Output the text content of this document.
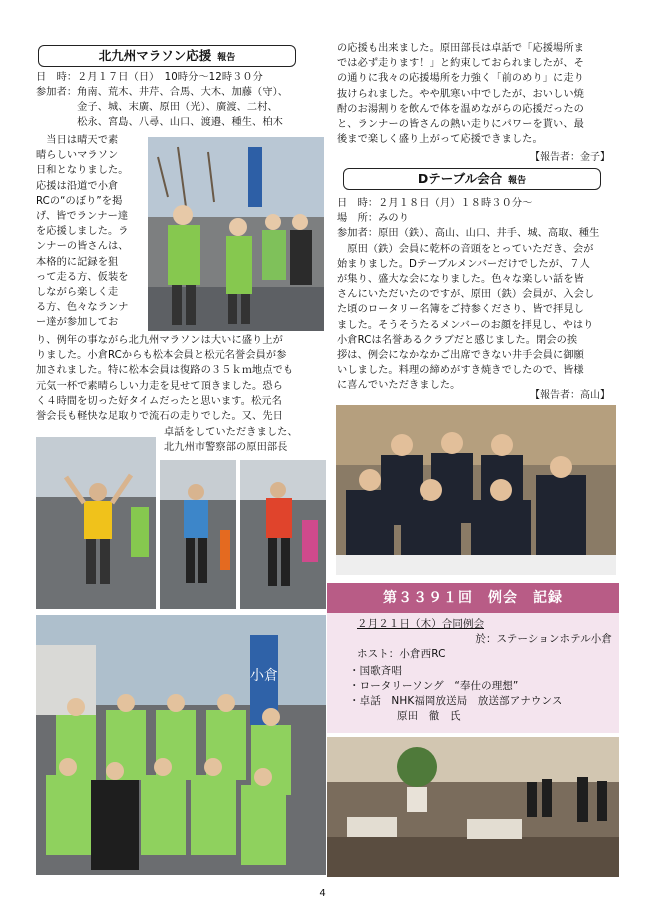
北九州マラソン応援 報告
日　時：２月１７日（日）　10時分〜12時３０分
参加者：角南、荒木、井芹、合馬、大木、加藤（守）、
　　　　金子、城、末廣、原田（光）、廣渡、二村、
　　　　松永、宮島、八尋、山口、渡邉、種生、柏木
　当日は晴天で素
晴らしいマラソン
日和となりました。
応援は沿道で小倉
RCの“のぼり”を掲
げ、皆でランナー達
を応援しました。ラ
ンナーの皆さんは、
本格的に記録を狙
って走る方、仮装を
しながら楽しく走
る方、色々なランナ
ー達が参加してお
り、例年の事ながら北九州マラソンは大いに盛り上が
りました。小倉RCからも松本会員と松元名誉会員が参
加されました。特に松本会員は復路の３５ｋｍ地点でも
元気一杯で素晴らしい力走を見せて頂きました。恐ら
く４時間を切った好タイムだったと思います。松元名
誉会長も軽快な足取りで流石の走りでした。又、先日
卓話をしていただきました、
北九州市警察部の原田部長
小倉
の応援も出来ました。原田部長は卓話で「応援場所ま
では必ず走ります！」と約束しておられましたが、そ
の通りに我々の応援場所を力強く「前のめり」に走り
抜けられました。やや肌寒い中でしたが、おいしい焼
酎のお湯割りを飲んで体を温めながらの応援だったの
と、ランナーの皆さんの熱い走りにパワーを貰い、最
後まで楽しく盛り上がって応援できました。
【報告者：金子】
Dテーブル会合 報告
日　時：２月１８日（月）１８時３０分〜
場　所：みのり
参加者：原田（鉄）、高山、山口、井手、城、高取、種生
　原田（鉄）会員に乾杯の音頭をとっていただき、会が
始まりました。Dテーブルメンバーだけでしたが、７人
が集り、盛大な会になりました。色々な楽しい話を皆
さんにいただいたのですが、原田（鉄）会員が、入会し
た頃のロータリー名簿をご持参くださり、皆で拝見し
ました。そうそうたるメンバーのお顔を拝見し、やはり
小倉RCは名誉あるクラブだと感じました。閉会の挨
拶は、例会になかなかご出席できない井手会員に御願
いしました。料理の締めがすき焼きでしたので、皆様
に喜んでいただきました。
【報告者：高山】
第３３９１回　例会　記録
２月２１日（木）合同例会
於：ステーションホテル小倉
ホスト：小倉西RC
・国歌斉唱
・ロータリーソング　“奉仕の理想”
・卓話　NHK福岡放送局　放送部アナウンス
原田　徹　氏
4
